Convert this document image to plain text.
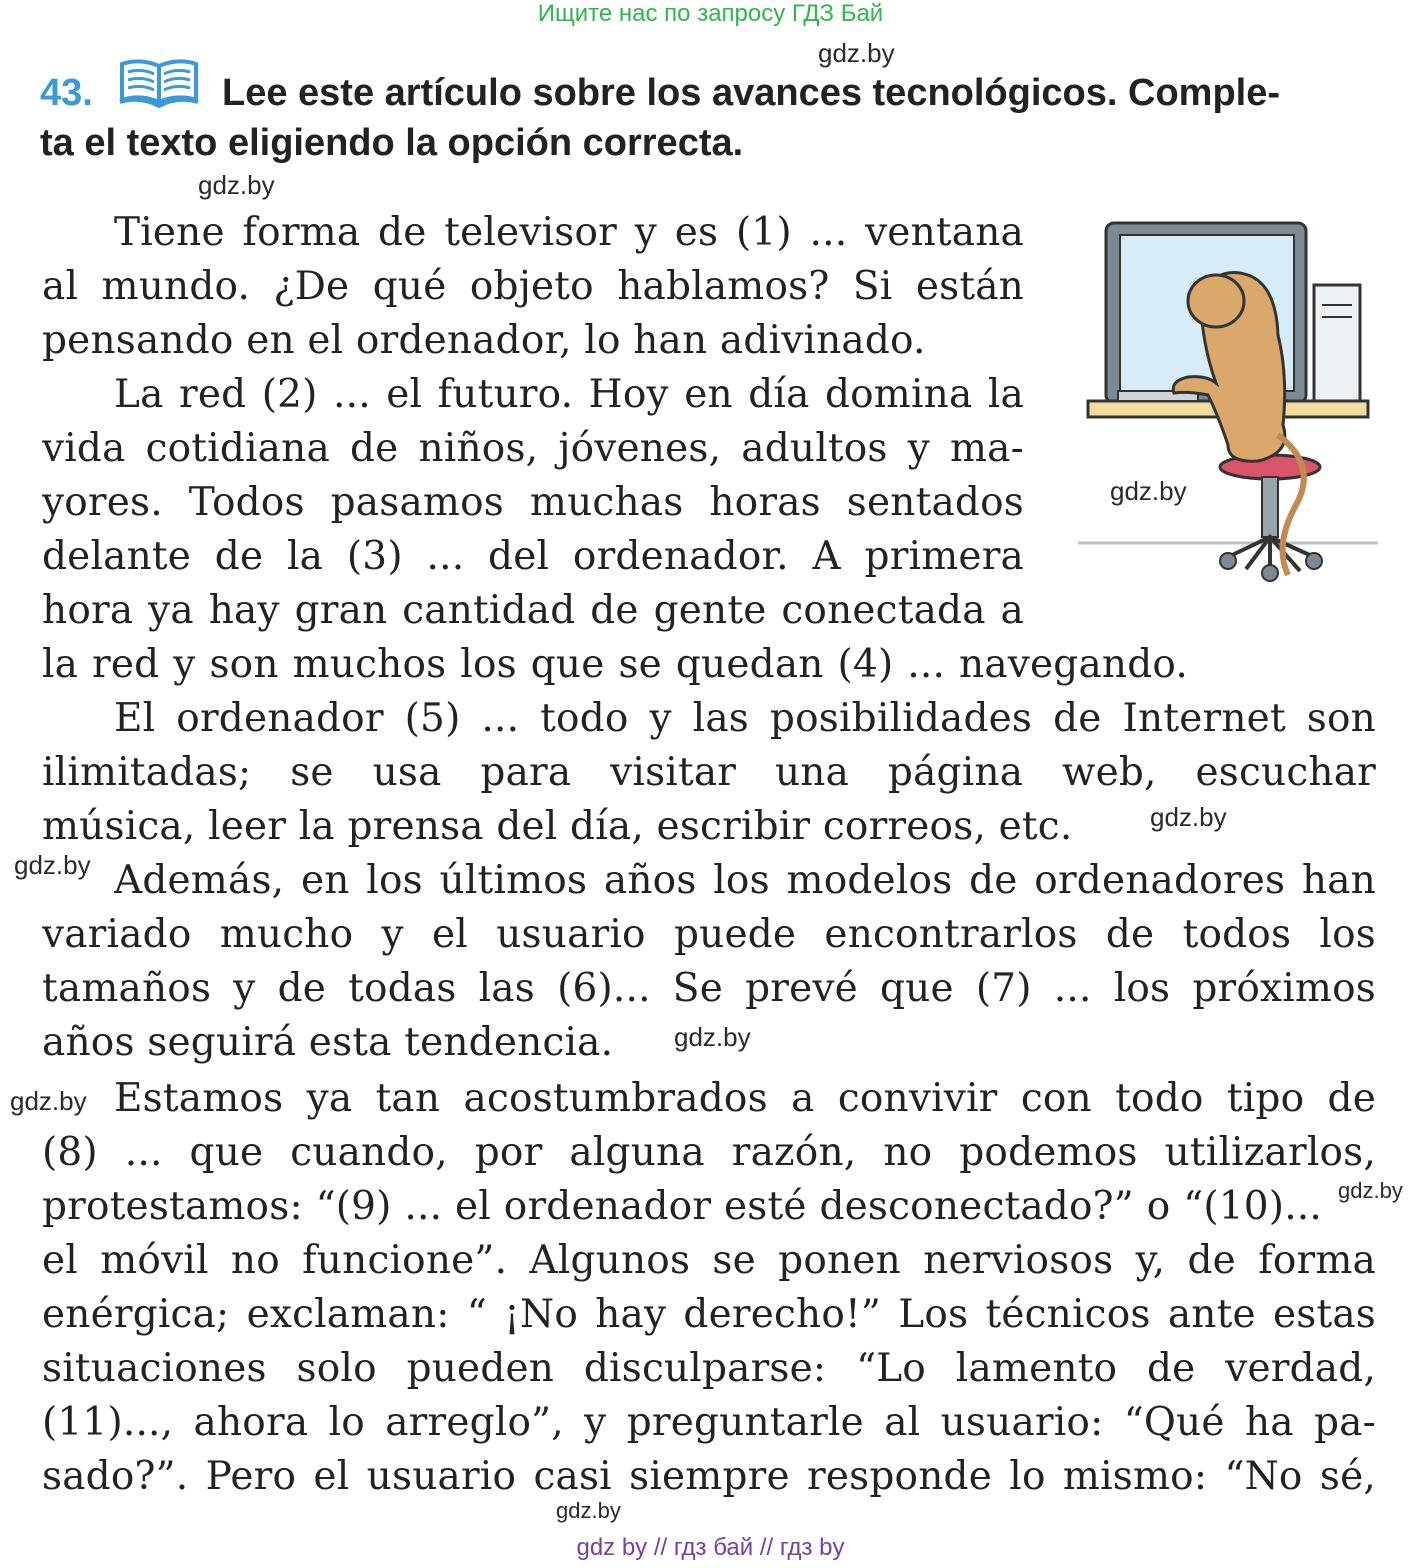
Ищите нас по запросу ГДЗ Бай
gdz.by
43.	Lee este artículo sobre los avances tecnológicos. Comple-
ta el texto eligiendo la opción correcta.
gdz.by
Tiene forma de televisor y es (1) ... ventana
al mundo. ¿De qué objeto hablamos? Si están
pensando en el ordenador, lo han adivinado.
La red (2) ... el futuro. Hoy en día domina la
vida cotidiana de niños, jóvenes, adultos y ma-
yores. Todos pasamos muchas horas sentados
delante de la (3) ... del ordenador. A primera
hora ya hay gran cantidad de gente conectada a
la red y son muchos los que se quedan (4) ... navegando.
El ordenador (5) ... todo y las posibilidades de Internet son
ilimitadas; se usa para visitar una página web, escuchar
música, leer la prensa del día, escribir correos, etc.	gdz.by
gdz.by Además, en los últimos años los modelos de ordenadores han
variado mucho y el usuario puede encontrarlos de todos los
tamaños y de todas las (6)... Se prevé que (7) ... los próximos
años seguirá esta tendencia. gdz.by
gdz.by Estamos ya tan acostumbrados a convivir con todo tipo de
(8) ... que cuando, por alguna razón, no podemos utilizarlos,
protestamos: “(9) ... el ordenador esté desconectado?” o “(10)... gdz.by
el móvil no funcione”. Algunos se ponen nerviosos y, de forma
enérgica; exclaman: “ ¡No hay derecho!” Los técnicos ante estas
situaciones solo pueden disculparse: “Lo lamento de verdad,
(11)..., ahora lo arreglo”, y preguntarle al usuario: “Qué ha pa-
sado?”. Pero el usuario casi siempre responde lo mismo: “No sé,
gdz.by
gdz.by
gdz by // гдз бай // гдз by
